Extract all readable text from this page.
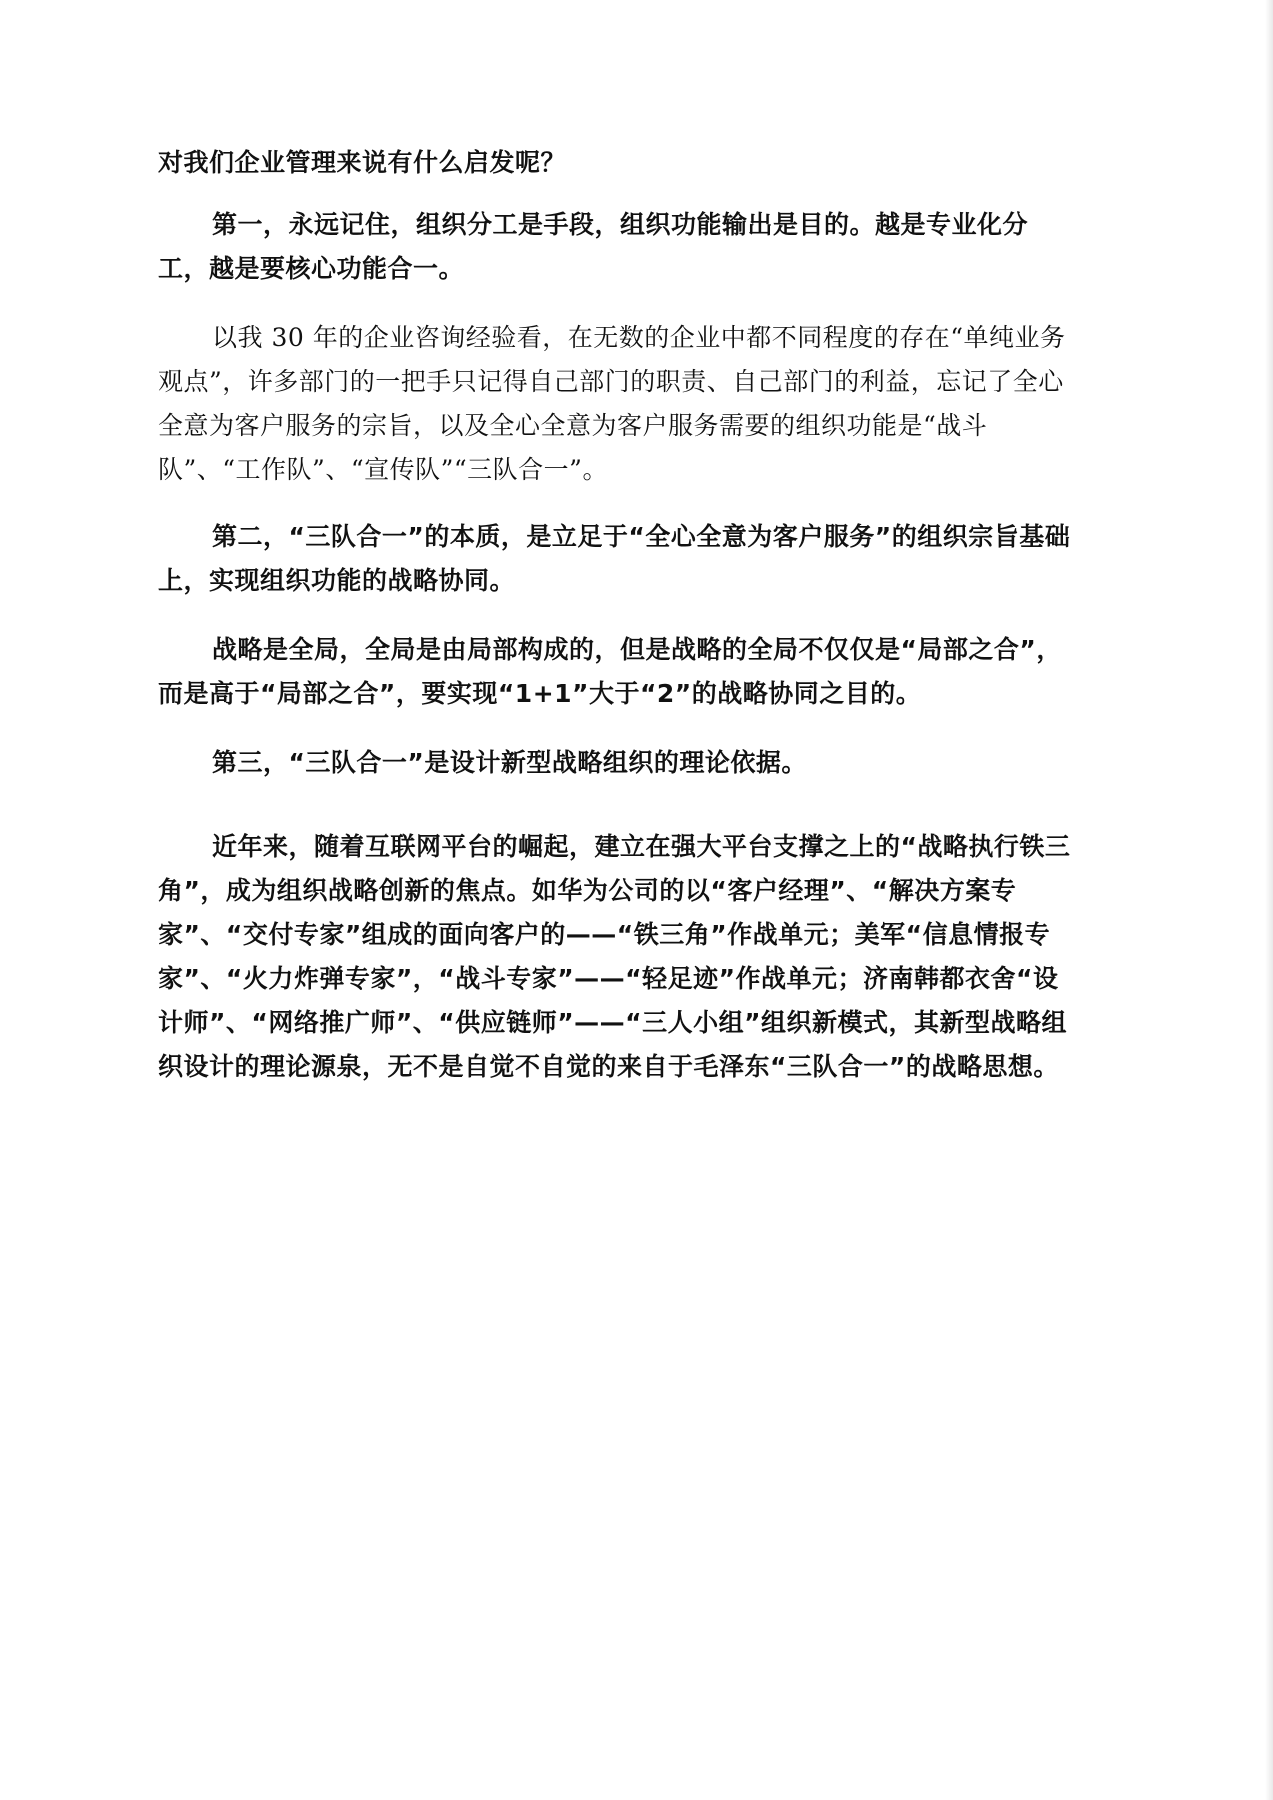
对我们企业管理来说有什么启发呢？

第一，永远记住，组织分工是手段，组织功能输出是目的。越是专业化分工，越是要核心功能合一。

以我 30 年的企业咨询经验看，在无数的企业中都不同程度的存在“单纯业务观点”，许多部门的一把手只记得自己部门的职责、自己部门的利益，忘记了全心全意为客户服务的宗旨，以及全心全意为客户服务需要的组织功能是“战斗队”、“工作队”、“宣传队”“三队合一”。

第二，“三队合一”的本质，是立足于“全心全意为客户服务”的组织宗旨基础上，实现组织功能的战略协同。

战略是全局，全局是由局部构成的，但是战略的全局不仅仅是“局部之合”，而是高于“局部之合”，要实现“1+1”大于“2”的战略协同之目的。

第三，“三队合一”是设计新型战略组织的理论依据。

近年来，随着互联网平台的崛起，建立在强大平台支撑之上的“战略执行铁三角”，成为组织战略创新的焦点。如华为公司的以“客户经理”、“解决方案专家”、“交付专家”组成的面向客户的——“铁三角”作战单元；美军“信息情报专家”、“火力炸弹专家”，“战斗专家”——“轻足迹”作战单元；济南韩都衣舍“设计师”、“网络推广师”、“供应链师”——“三人小组”组织新模式，其新型战略组织设计的理论源泉，无不是自觉不自觉的来自于毛泽东“三队合一”的战略思想。
